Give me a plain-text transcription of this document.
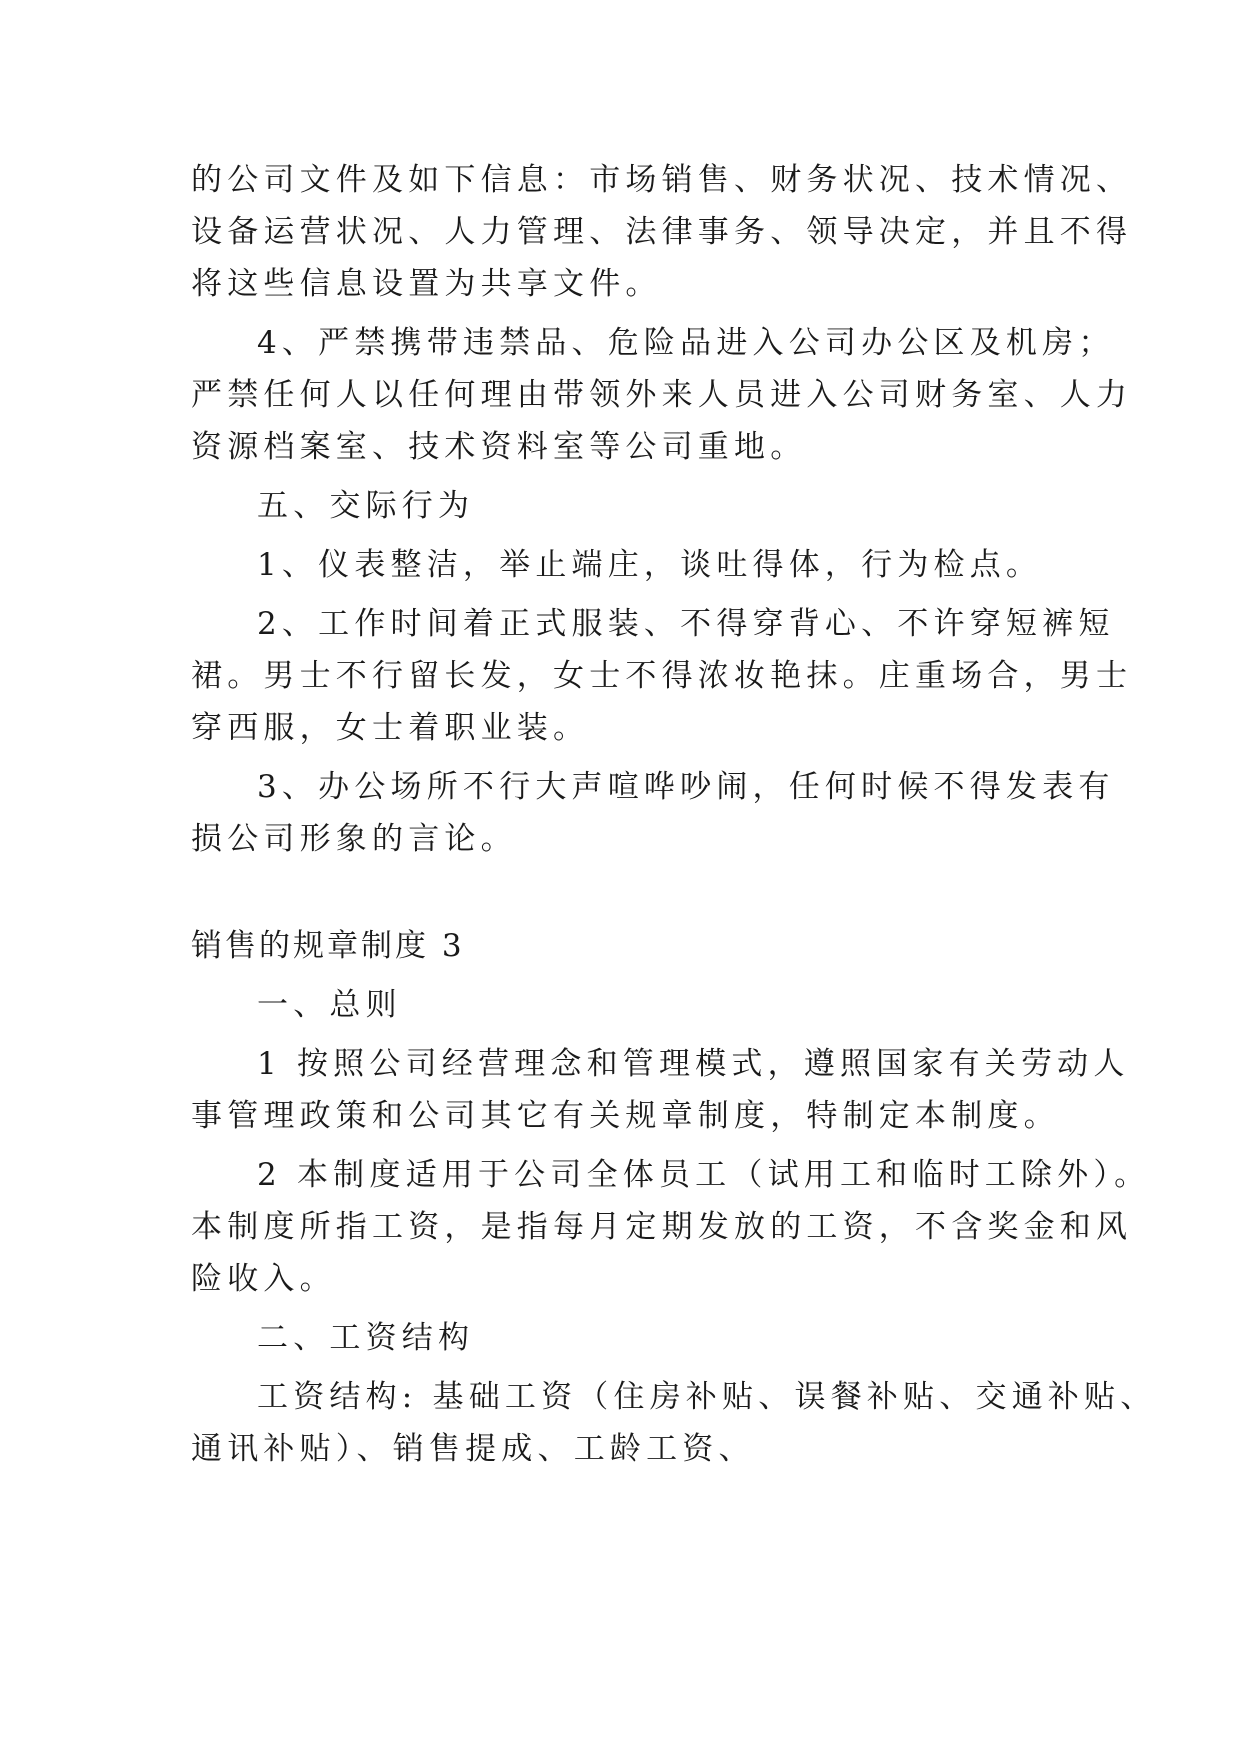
的公司文件及如下信息：市场销售、财务状况、技术情况、
设备运营状况、人力管理、法律事务、领导决定，并且不得
将这些信息设置为共享文件。
4、严禁携带违禁品、危险品进入公司办公区及机房；
严禁任何人以任何理由带领外来人员进入公司财务室、人力
资源档案室、技术资料室等公司重地。
五、交际行为
1、仪表整洁，举止端庄，谈吐得体，行为检点。
2、工作时间着正式服装、不得穿背心、不许穿短裤短
裙。男士不行留长发，女士不得浓妆艳抹。庄重场合，男士
穿西服，女士着职业装。
3、办公场所不行大声喧哗吵闹，任何时候不得发表有
损公司形象的言论。
销售的规章制度 3
一、总则
1 按照公司经营理念和管理模式，遵照国家有关劳动人
事管理政策和公司其它有关规章制度，特制定本制度。
2 本制度适用于公司全体员工（试用工和临时工除外）。
本制度所指工资，是指每月定期发放的工资，不含奖金和风
险收入。
二、工资结构
工资结构: 基础工资（住房补贴、误餐补贴、交通补贴、
通讯补贴）、销售提成、工龄工资、
